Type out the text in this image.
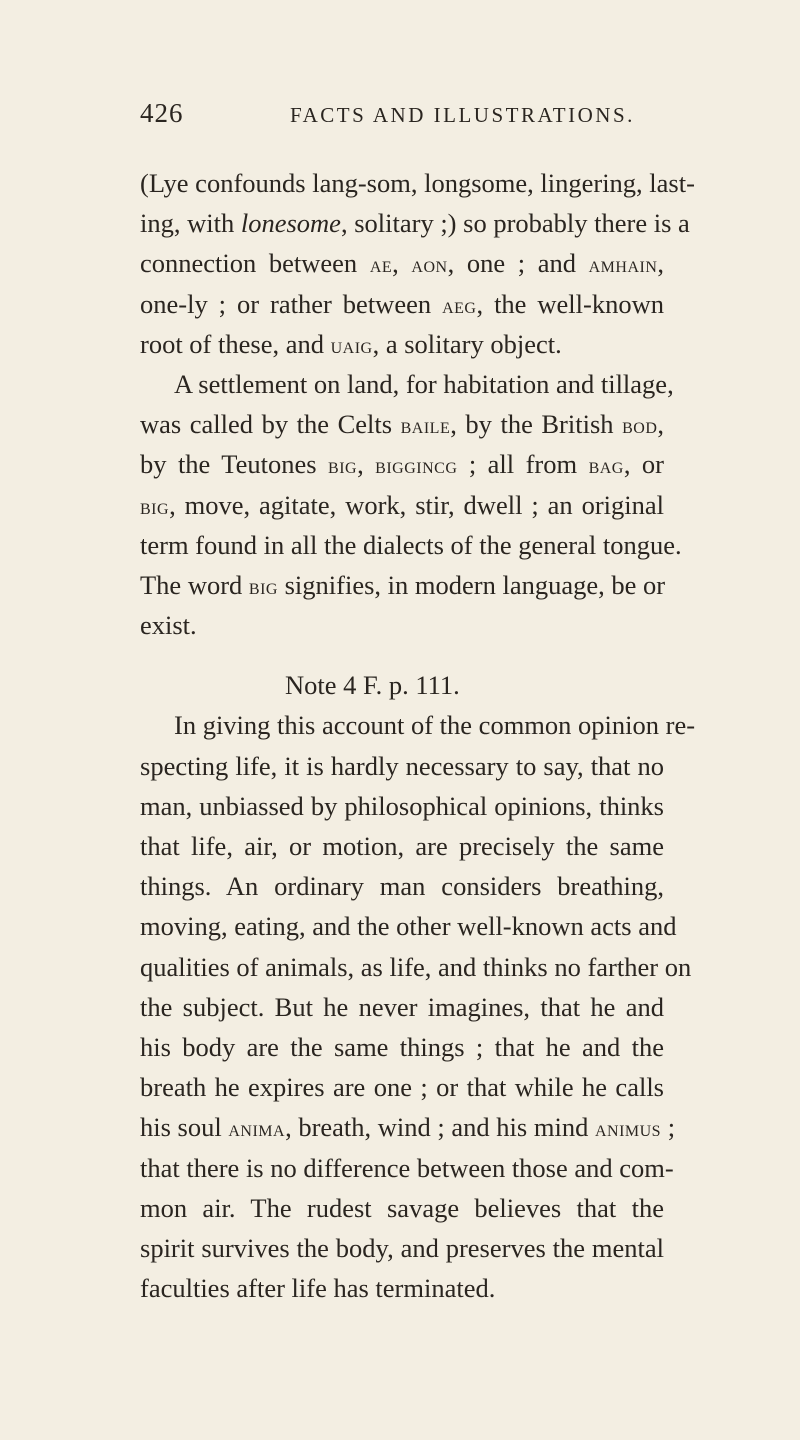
426	FACTS AND ILLUSTRATIONS.
(Lye confounds lang-som, longsome, lingering, last-
ing, with lonesome, solitary ;) so probably there is a
connection between ae, aon, one ; and amhain,
one-ly ; or rather between aeg, the well-known
root of these, and uaig, a solitary object.
A settlement on land, for habitation and tillage,
was called by the Celts baile, by the British bod,
by the Teutones big, biggincg ; all from bag, or
big, move, agitate, work, stir, dwell ; an original
term found in all the dialects of the general tongue.
The word big signifies, in modern language, be or
exist.
Note 4 F. p. 111.
In giving this account of the common opinion re-
specting life, it is hardly necessary to say, that no
man, unbiassed by philosophical opinions, thinks
that life, air, or motion, are precisely the same
things. An ordinary man considers breathing,
moving, eating, and the other well-known acts and
qualities of animals, as life, and thinks no farther on
the subject. But he never imagines, that he and
his body are the same things ; that he and the
breath he expires are one ; or that while he calls
his soul anima, breath, wind ; and his mind animus ;
that there is no difference between those and com-
mon air. The rudest savage believes that the
spirit survives the body, and preserves the mental
faculties after life has terminated.
